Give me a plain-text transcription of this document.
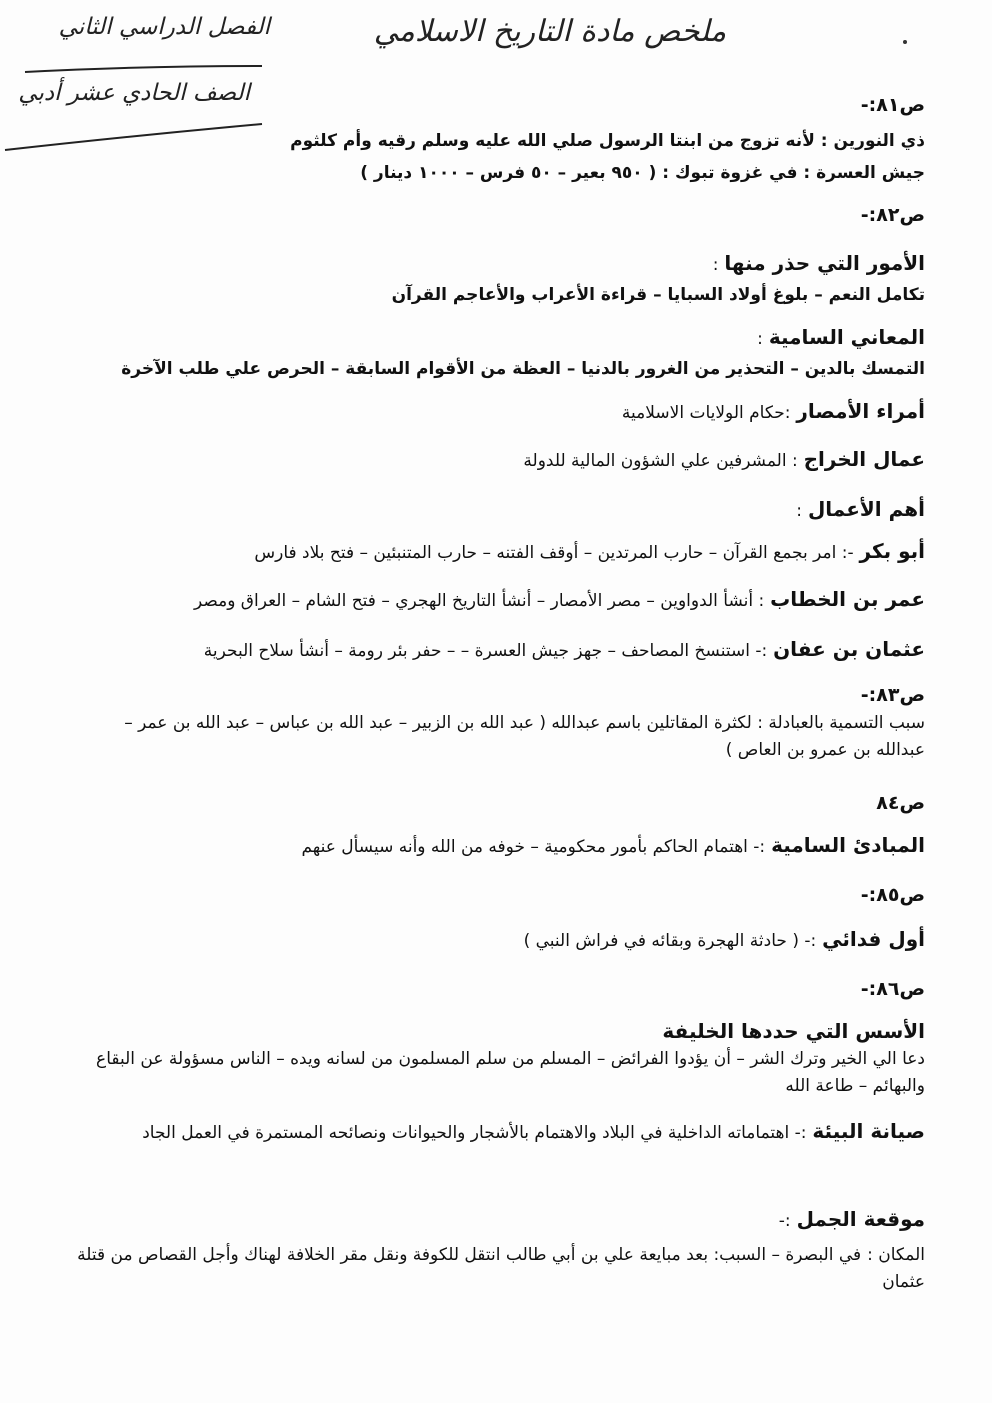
ملخص مادة التاريخ الاسلامي
الفصل الدراسي الثاني
الصف الحادي عشر أدبي	ص٨١:-
ذي النورين : لأنه تزوج من ابنتا الرسول صلي الله عليه وسلم رقيه وأم كلثوم
جيش العسرة : في غزوة تبوك : ( ٩٥٠ بعير – ٥٠ فرس – ١٠٠٠ دينار )
ص٨٢:-
الأمور التي حذر منها :
تكامل النعم – بلوغ أولاد السبايا – قراءة الأعراب والأعاجم القرآن
المعاني السامية :
التمسك بالدين – التحذير من الغرور بالدنيا – العظة من الأقوام السابقة – الحرص علي طلب الآخرة
أمراء الأمصار :حكام الولايات الاسلامية
عمال الخراج : المشرفين علي الشؤون المالية للدولة
أهم الأعمال :
أبو بكر -: امر بجمع القرآن – حارب المرتدين – أوقف الفتنه – حارب المتنبئين – فتح بلاد فارس
عمر بن الخطاب : أنشأ الدواوين – مصر الأمصار – أنشأ التاريخ الهجري – فتح الشام – العراق ومصر
عثمان بن عفان :- استنسخ المصاحف – جهز جيش العسرة – – حفر بئر رومة – أنشأ سلاح البحرية
ص٨٣:-
سبب التسمية بالعبادلة : لكثرة المقاتلين باسم عبدالله ( عبد الله بن الزبير – عبد الله بن عباس – عبد الله بن عمر – عبدالله بن عمرو بن العاص )
ص٨٤
المبادئ السامية :- اهتمام الحاكم بأمور محكومية – خوفه من الله وأنه سيسأل عنهم
ص٨٥:-
أول فدائي :- ( حادثة الهجرة وبقائه في فراش النبي )
ص٨٦:-
الأسس التي حددها الخليفة
دعا الي الخير وترك الشر – أن يؤدوا الفرائض – المسلم من سلم المسلمون من لسانه ويده – الناس مسؤولة عن البقاع والبهائم – طاعة الله
صيانة البيئة :- اهتماماته الداخلية في البلاد والاهتمام بالأشجار والحيوانات ونصائحه المستمرة في العمل الجاد
موقعة الجمل :-
المكان : في البصرة – السبب: بعد مبايعة علي بن أبي طالب انتقل للكوفة ونقل مقر الخلافة لهناك وأجل القصاص من قتلة عثمان
